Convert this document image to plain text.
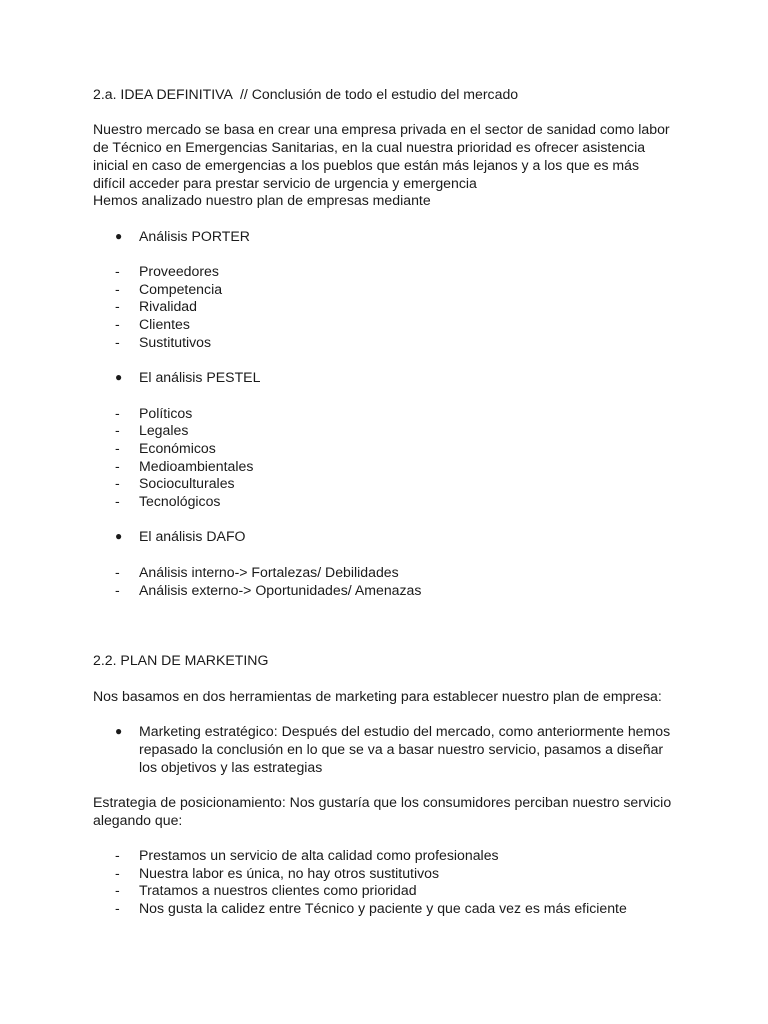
2.a. IDEA DEFINITIVA  // Conclusión de todo el estudio del mercado

Nuestro mercado se basa en crear una empresa privada en el sector de sanidad como labor

de Técnico en Emergencias Sanitarias, en la cual nuestra prioridad es ofrecer asistencia

inicial en caso de emergencias a los pueblos que están más lejanos y a los que es más

difícil acceder para prestar servicio de urgencia y emergencia

Hemos analizado nuestro plan de empresas mediante

● Análisis PORTER
- Proveedores
- Competencia
- Rivalidad
- Clientes
- Sustitutivos
● El análisis PESTEL
- Políticos
- Legales
- Económicos
- Medioambientales
- Socioculturales
- Tecnológicos
● El análisis DAFO
- Análisis interno-> Fortalezas/ Debilidades
- Análisis externo-> Oportunidades/ Amenazas

2.2. PLAN DE MARKETING

Nos basamos en dos herramientas de marketing para establecer nuestro plan de empresa:

● Marketing estratégico: Después del estudio del mercado, como anteriormente hemos

repasado la conclusión en lo que se va a basar nuestro servicio, pasamos a diseñar

los objetivos y las estrategias

Estrategia de posicionamiento: Nos gustaría que los consumidores perciban nuestro servicio

alegando que:

- Prestamos un servicio de alta calidad como profesionales
- Nuestra labor es única, no hay otros sustitutivos
- Tratamos a nuestros clientes como prioridad
- Nos gusta la calidez entre Técnico y paciente y que cada vez es más eficiente
